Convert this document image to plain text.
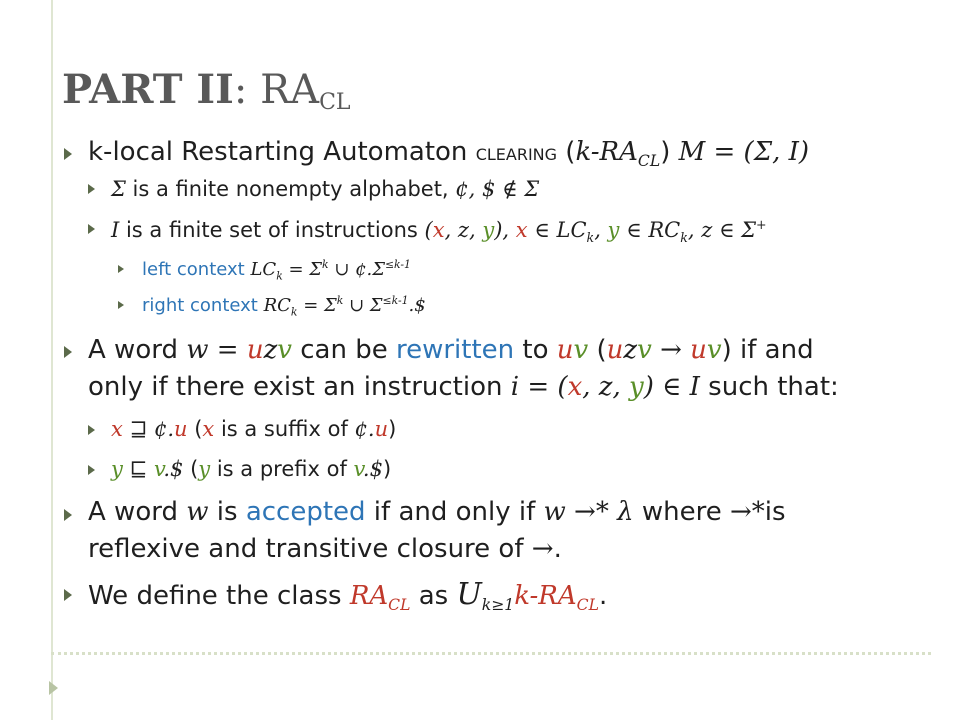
PART II: $RA_{CL}$
k-local Restarting Automaton CLEARING $(k-RA_{CL}) M = (\Sigma$, I)
Σ is a finite nonempty alphabet, ¢, $ ∉ Σ
I is a finite set of instructions (x, z, y), x ∈ $LC_k$, y ∈ $RC_k$, z ∈ Σ+
left context $LC_k = \Sigma^k$ ∪ $¢.\Sigma^{\le k-1}$
right context $RC_k = \Sigma^k$ ∪ $\Sigma^{\le k-1}.\$$
A word w = uzv can be rewritten to uv (uzv → uv) if and
only if there exist an instruction i = (x, z, y) ∈ I such that:
x ⊒ ¢.u (x is a suffix of ¢.u)
y ⊑ v.$ (y is a prefix of v.$)
A word w is accepted if and only if w →* λ where →*is
reflexive and transitive closure of →.
We define the class $RA_{CL}$ as $U_{k\ge 1}k-RA_{CL}$.
